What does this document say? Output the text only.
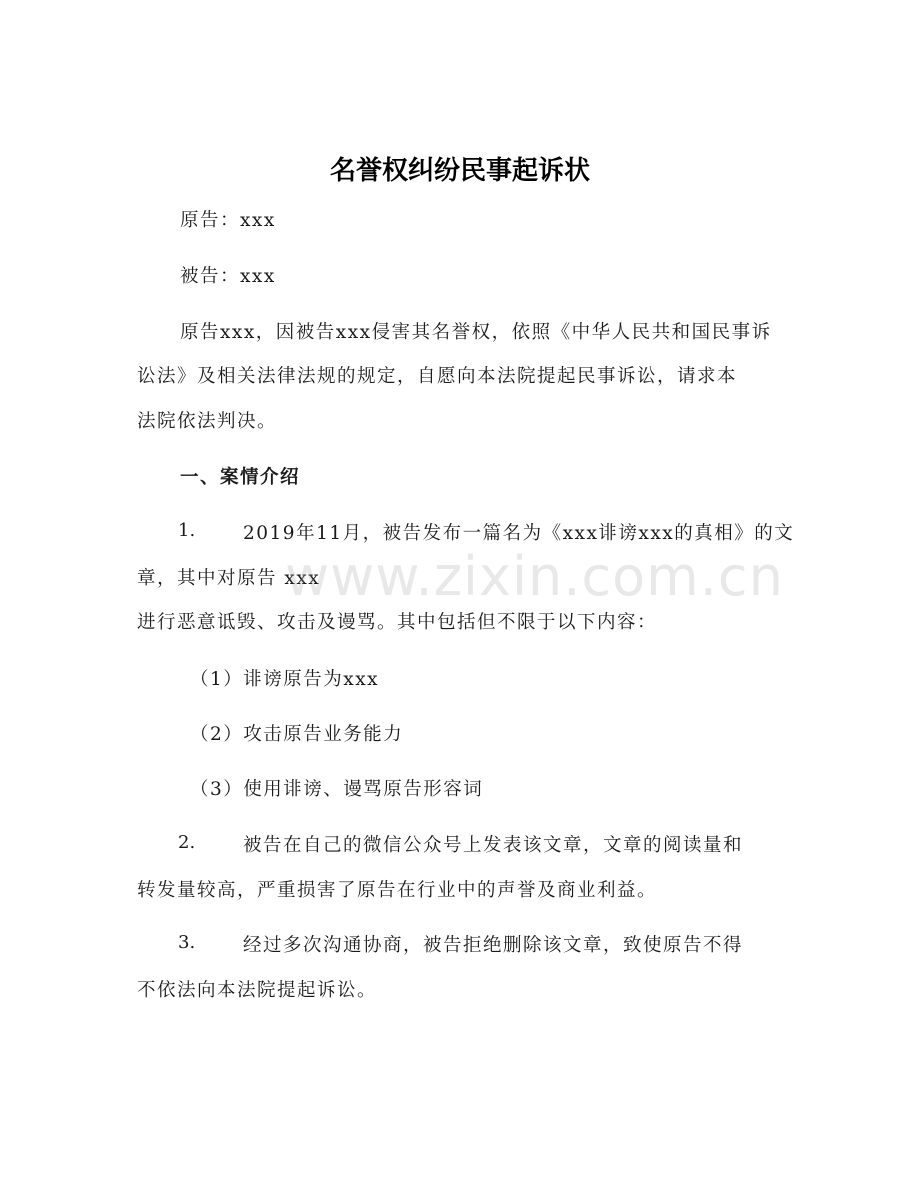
名誉权纠纷民事起诉状
原告：xxx
被告：xxx
原告xxx，因被告xxx侵害其名誉权，依照《中华人民共和国民事诉
讼法》及相关法律法规的规定，自愿向本法院提起民事诉讼，请求本
法院依法判决。
一、案情介绍
1.	2019年11月，被告发布一篇名为《xxx诽谤xxx的真相》的文
章，其中对原告 xxx
进行恶意诋毁、攻击及谩骂。其中包括但不限于以下内容：
（1）诽谤原告为xxx
（2）攻击原告业务能力
（3）使用诽谤、谩骂原告形容词
2.	被告在自己的微信公众号上发表该文章，文章的阅读量和
转发量较高，严重损害了原告在行业中的声誉及商业利益。
3.	经过多次沟通协商，被告拒绝删除该文章，致使原告不得
不依法向本法院提起诉讼。
www.zixin.com.cn
